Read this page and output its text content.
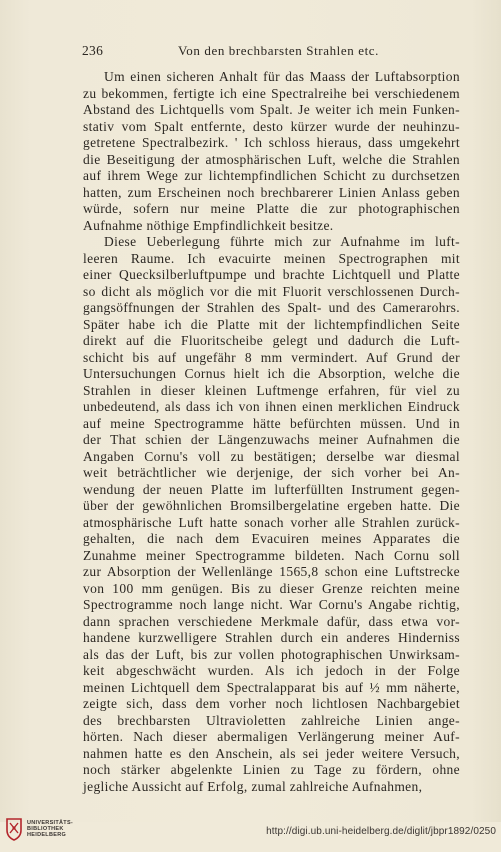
236	Von den brechbarsten Strahlen etc.
Um einen sicheren Anhalt für das Maass der Luftabsorption
zu bekommen, fertigte ich eine Spectralreihe bei verschiedenem
Abstand des Lichtquells vom Spalt. Je weiter ich mein Funken-
stativ vom Spalt entfernte, desto kürzer wurde der neuhinzu-
getretene Spectralbezirk. ' Ich schloss hieraus, dass umgekehrt
die Beseitigung der atmosphärischen Luft, welche die Strahlen
auf ihrem Wege zur lichtempfindlichen Schicht zu durchsetzen
hatten, zum Erscheinen noch brechbarerer Linien Anlass geben
würde, sofern nur meine Platte die zur photographischen
Aufnahme nöthige Empfindlichkeit besitze.
Diese Ueberlegung führte mich zur Aufnahme im luft-
leeren Raume. Ich evacuirte meinen Spectrographen mit
einer Quecksilberluftpumpe und brachte Lichtquell und Platte
so dicht als möglich vor die mit Fluorit verschlossenen Durch-
gangsöffnungen der Strahlen des Spalt- und des Camerarohrs.
Später habe ich die Platte mit der lichtempfindlichen Seite
direkt auf die Fluoritscheibe gelegt und dadurch die Luft-
schicht bis auf ungefähr 8 mm vermindert. Auf Grund der
Untersuchungen Cornus hielt ich die Absorption, welche die
Strahlen in dieser kleinen Luftmenge erfahren, für viel zu
unbedeutend, als dass ich von ihnen einen merklichen Eindruck
auf meine Spectrogramme hätte befürchten müssen. Und in
der That schien der Längenzuwachs meiner Aufnahmen die
Angaben Cornu's voll zu bestätigen; derselbe war diesmal
weit beträchtlicher wie derjenige, der sich vorher bei An-
wendung der neuen Platte im lufterfüllten Instrument gegen-
über der gewöhnlichen Bromsilbergelatine ergeben hatte. Die
atmosphärische Luft hatte sonach vorher alle Strahlen zurück-
gehalten, die nach dem Evacuiren meines Apparates die
Zunahme meiner Spectrogramme bildeten. Nach Cornu soll
zur Absorption der Wellenlänge 1565,8 schon eine Luftstrecke
von 100 mm genügen. Bis zu dieser Grenze reichten meine
Spectrogramme noch lange nicht. War Cornu's Angabe richtig,
dann sprachen verschiedene Merkmale dafür, dass etwa vor-
handene kurzwelligere Strahlen durch ein anderes Hinderniss
als das der Luft, bis zur vollen photographischen Unwirksam-
keit abgeschwächt wurden. Als ich jedoch in der Folge
meinen Lichtquell dem Spectralapparat bis auf ½ mm näherte,
zeigte sich, dass dem vorher noch lichtlosen Nachbargebiet
des brechbarsten Ultravioletten zahlreiche Linien ange-
hörten. Nach dieser abermaligen Verlängerung meiner Auf-
nahmen hatte es den Anschein, als sei jeder weitere Versuch,
noch stärker abgelenkte Linien zu Tage zu fördern, ohne
jegliche Aussicht auf Erfolg, zumal zahlreiche Aufnahmen,
UNIVERSITÄTS-
BIBLIOTHEK
HEIDELBERG	http://digi.ub.uni-heidelberg.de/diglit/jbpr1892/0250
